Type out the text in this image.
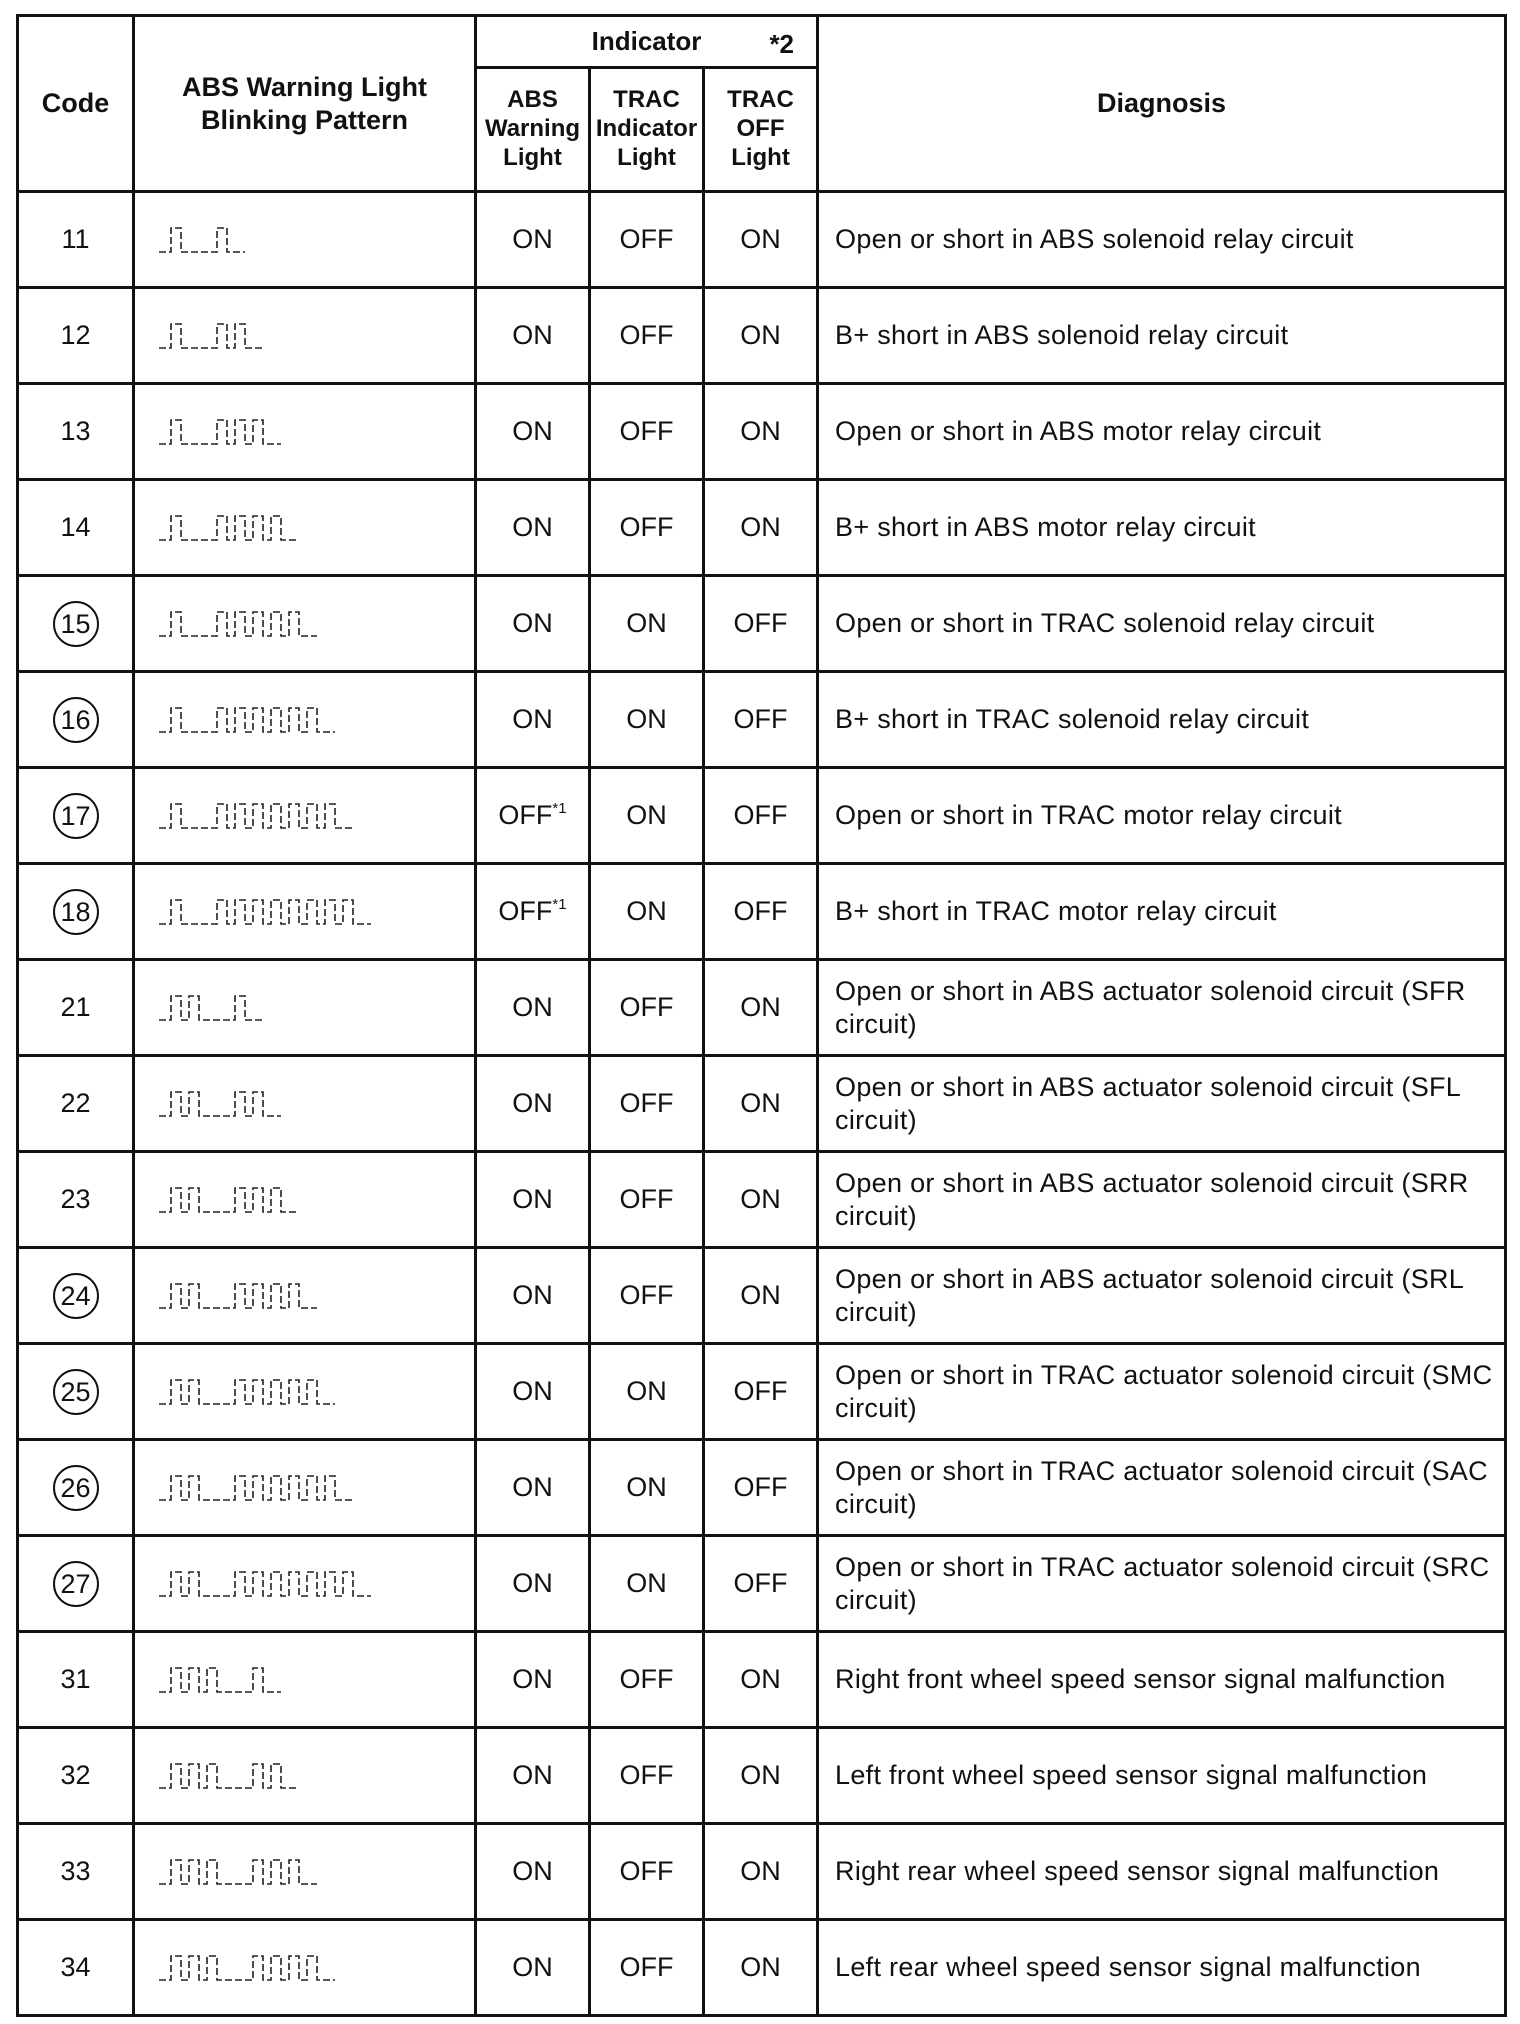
Code	ABS Warning Light Blinking Pattern	Indicator *2			Diagnosis
		ABS Warning Light	TRAC Indicator Light	TRAC OFF Light	
11		ON	OFF	ON	Open or short in ABS solenoid relay circuit
12		ON	OFF	ON	B+ short in ABS solenoid relay circuit
13		ON	OFF	ON	Open or short in ABS motor relay circuit
14		ON	OFF	ON	B+ short in ABS motor relay circuit
15		ON	ON	OFF	Open or short in TRAC solenoid relay circuit
16		ON	ON	OFF	B+ short in TRAC solenoid relay circuit
17		OFF$^{*1}$	ON	OFF	Open or short in TRAC motor relay circuit
18		OFF$^{*1}$	ON	OFF	B+ short in TRAC motor relay circuit
21		ON	OFF	ON	Open or short in ABS actuator solenoid circuit (SFR circuit)
22		ON	OFF	ON	Open or short in ABS actuator solenoid circuit (SFL circuit)
23		ON	OFF	ON	Open or short in ABS actuator solenoid circuit (SRR circuit)
24		ON	OFF	ON	Open or short in ABS actuator solenoid circuit (SRL circuit)
25		ON	ON	OFF	Open or short in TRAC actuator solenoid circuit (SMC circuit)
26		ON	ON	OFF	Open or short in TRAC actuator solenoid circuit (SAC circuit)
27		ON	ON	OFF	Open or short in TRAC actuator solenoid circuit (SRC circuit)
31		ON	OFF	ON	Right front wheel speed sensor signal malfunction
32		ON	OFF	ON	Left front wheel speed sensor signal malfunction
33		ON	OFF	ON	Right rear wheel speed sensor signal malfunction
34		ON	OFF	ON	Left rear wheel speed sensor signal malfunction
